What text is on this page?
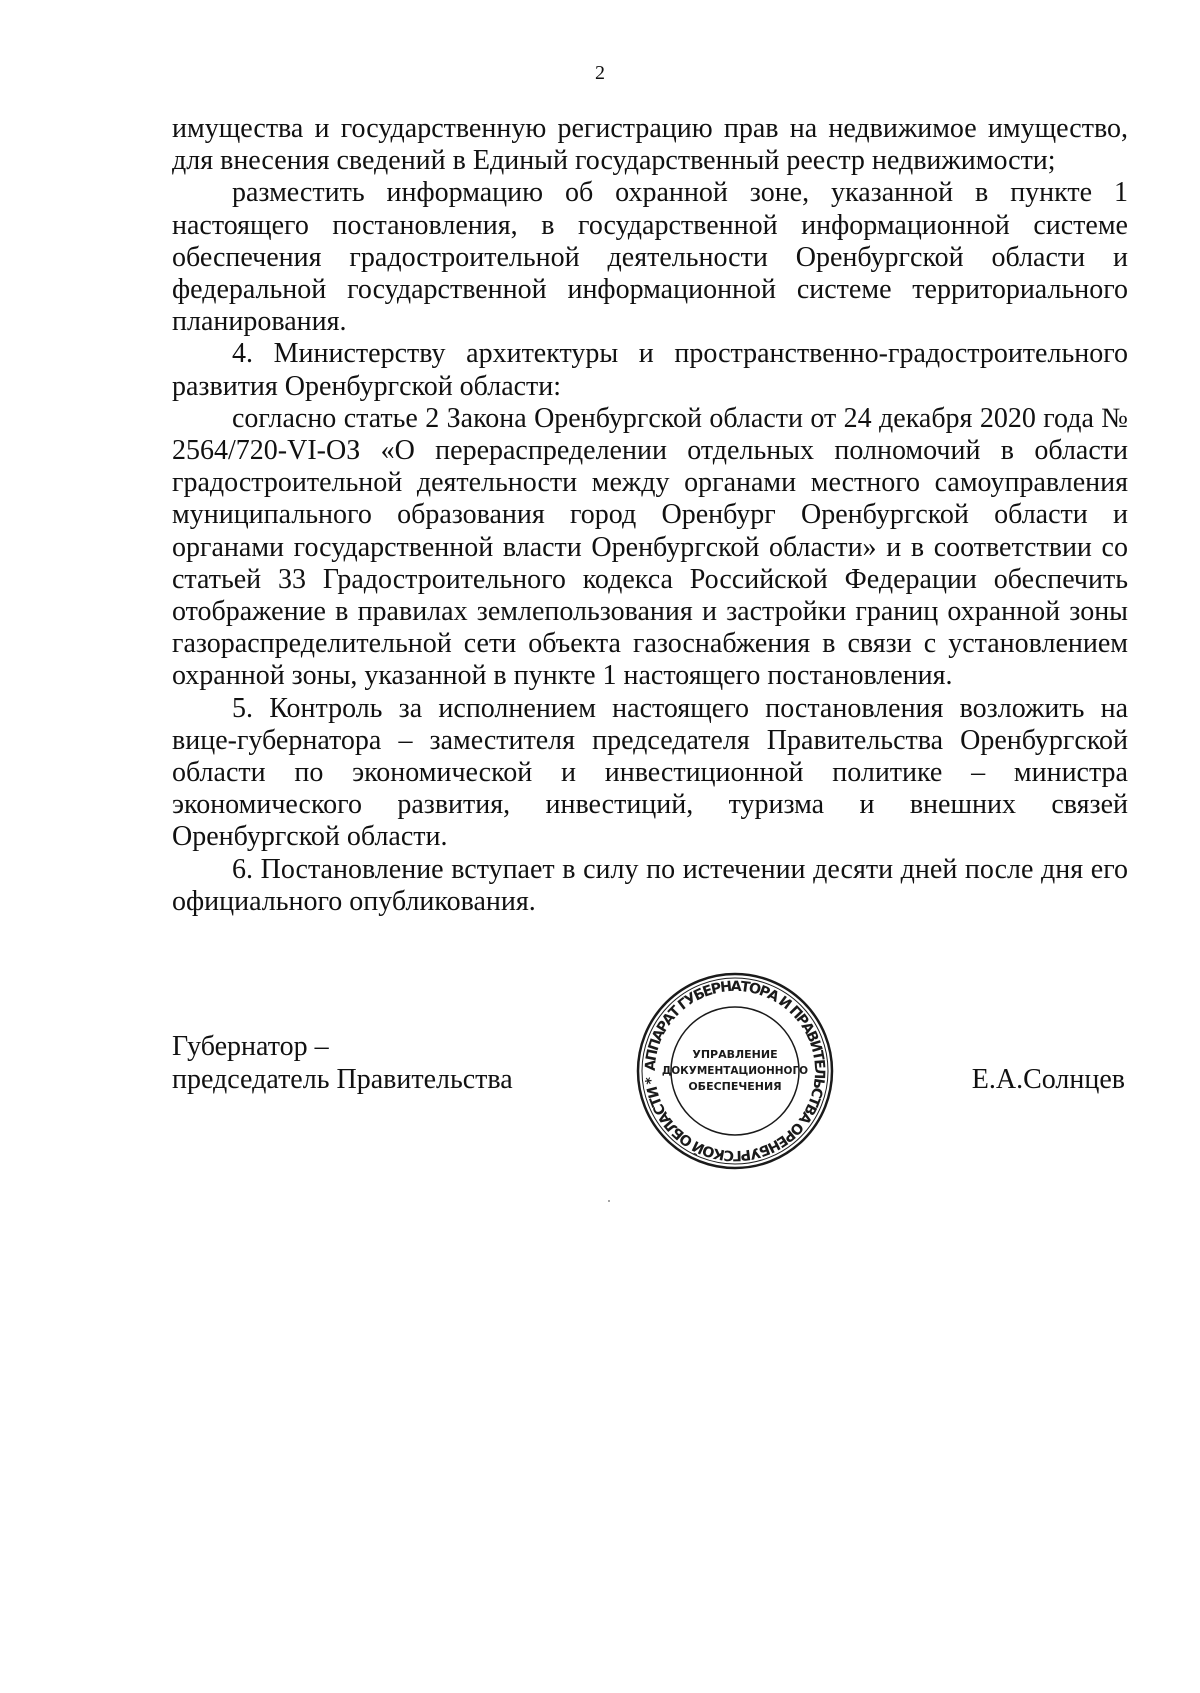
2

имущества и государственную регистрацию прав на недвижимое имущество, для внесения сведений в Единый государственный реестр недвижимости;

разместить информацию об охранной зоне, указанной в пункте 1 настоящего постановления, в государственной информационной системе обеспечения градостроительной деятельности Оренбургской области и федеральной государственной информационной системе территориального планирования.

4. Министерству архитектуры и пространственно-градостроительного развития Оренбургской области:

согласно статье 2 Закона Оренбургской области от 24 декабря 2020 года № 2564/720-VI-ОЗ «О перераспределении отдельных полномочий в области градостроительной деятельности между органами местного самоуправления муниципального образования город Оренбург Оренбургской области и органами государственной власти Оренбургской области» и в соответствии со статьей 33 Градостроительного кодекса Российской Федерации обеспечить отображение в правилах землепользования и застройки границ охранной зоны газораспределительной сети объекта газоснабжения в связи с установлением охранной зоны, указанной в пункте 1 настоящего постановления.

5. Контроль за исполнением настоящего постановления возложить на вице-губернатора – заместителя председателя Правительства Оренбургской области по экономической и инвестиционной политике – министра экономического развития, инвестиций, туризма и внешних связей Оренбургской области.

6. Постановление вступает в силу по истечении десяти дней после дня его официального опубликования.

Губернатор –
председатель Правительства	АППАРАТ ГУБЕРНАТОРА И ПРАВИТЕЛЬСТВА ОРЕНБУРГСКОЙ ОБЛАСТИ *
УПРАВЛЕНИЕ
ДОКУМЕНТАЦИОННОГО
ОБЕСПЕЧЕНИЯ	Е.А.Солнцев
